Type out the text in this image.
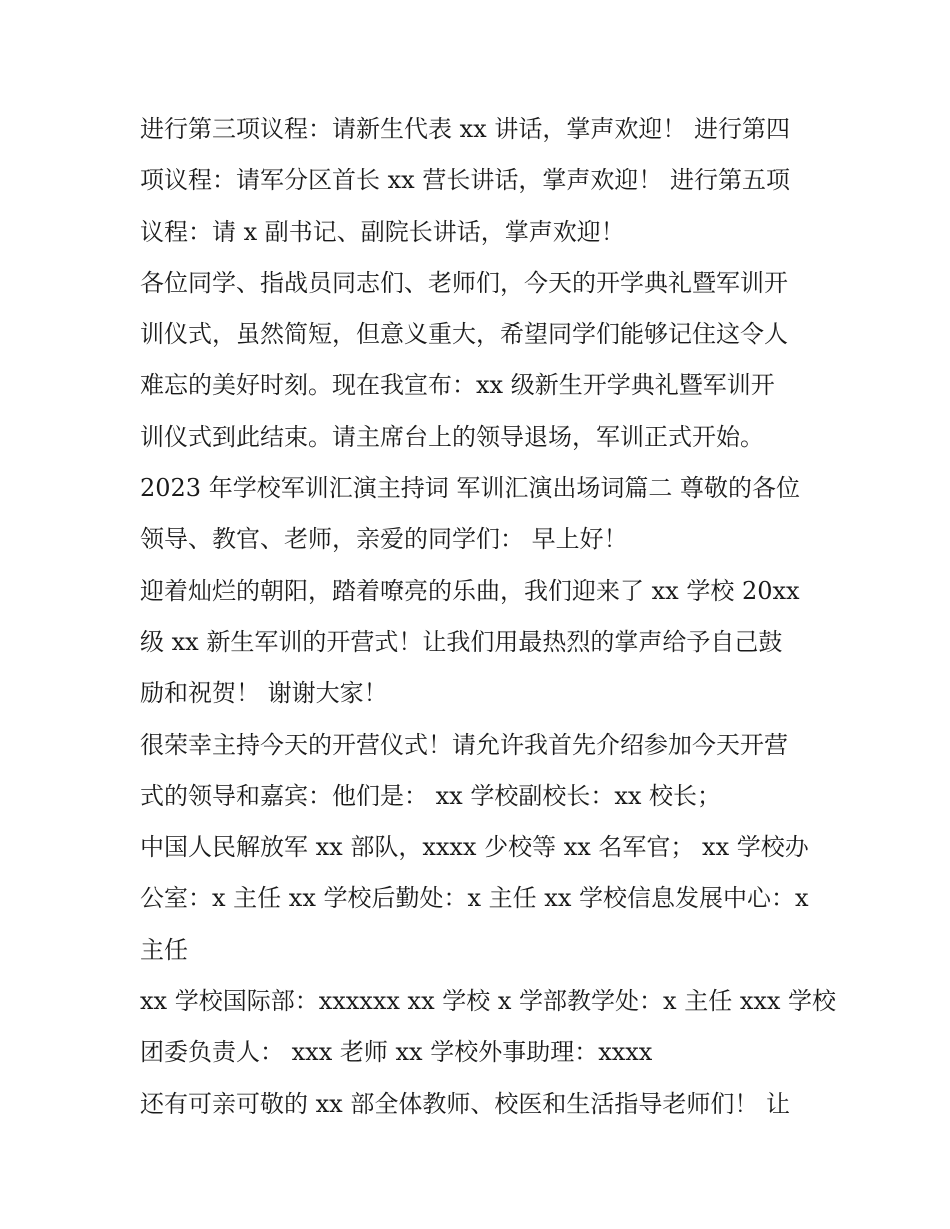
进行第三项议程：请新生代表 xx 讲话，掌声欢迎！ 进行第四
项议程：请军分区首长 xx 营长讲话，掌声欢迎！ 进行第五项
议程：请 x 副书记、副院长讲话，掌声欢迎！
各位同学、指战员同志们、老师们，今天的开学典礼暨军训开
训仪式，虽然简短，但意义重大，希望同学们能够记住这令人
难忘的美好时刻。现在我宣布：xx 级新生开学典礼暨军训开
训仪式到此结束。请主席台上的领导退场，军训正式开始。
2023 年学校军训汇演主持词 军训汇演出场词篇二 尊敬的各位
领导、教官、老师，亲爱的同学们： 早上好！
迎着灿烂的朝阳，踏着嘹亮的乐曲，我们迎来了 xx 学校 20xx
级 xx 新生军训的开营式！让我们用最热烈的掌声给予自己鼓
励和祝贺！ 谢谢大家！
很荣幸主持今天的开营仪式！请允许我首先介绍参加今天开营
式的领导和嘉宾：他们是： xx 学校副校长：xx 校长；
中国人民解放军 xx 部队，xxxx 少校等 xx 名军官； xx 学校办
公室：x 主任 xx 学校后勤处：x 主任 xx 学校信息发展中心：x
主任
xx 学校国际部：xxxxxx xx 学校 x 学部教学处：x 主任 xxx 学校
团委负责人： xxx 老师 xx 学校外事助理：xxxx
还有可亲可敬的 xx 部全体教师、校医和生活指导老师们！ 让
